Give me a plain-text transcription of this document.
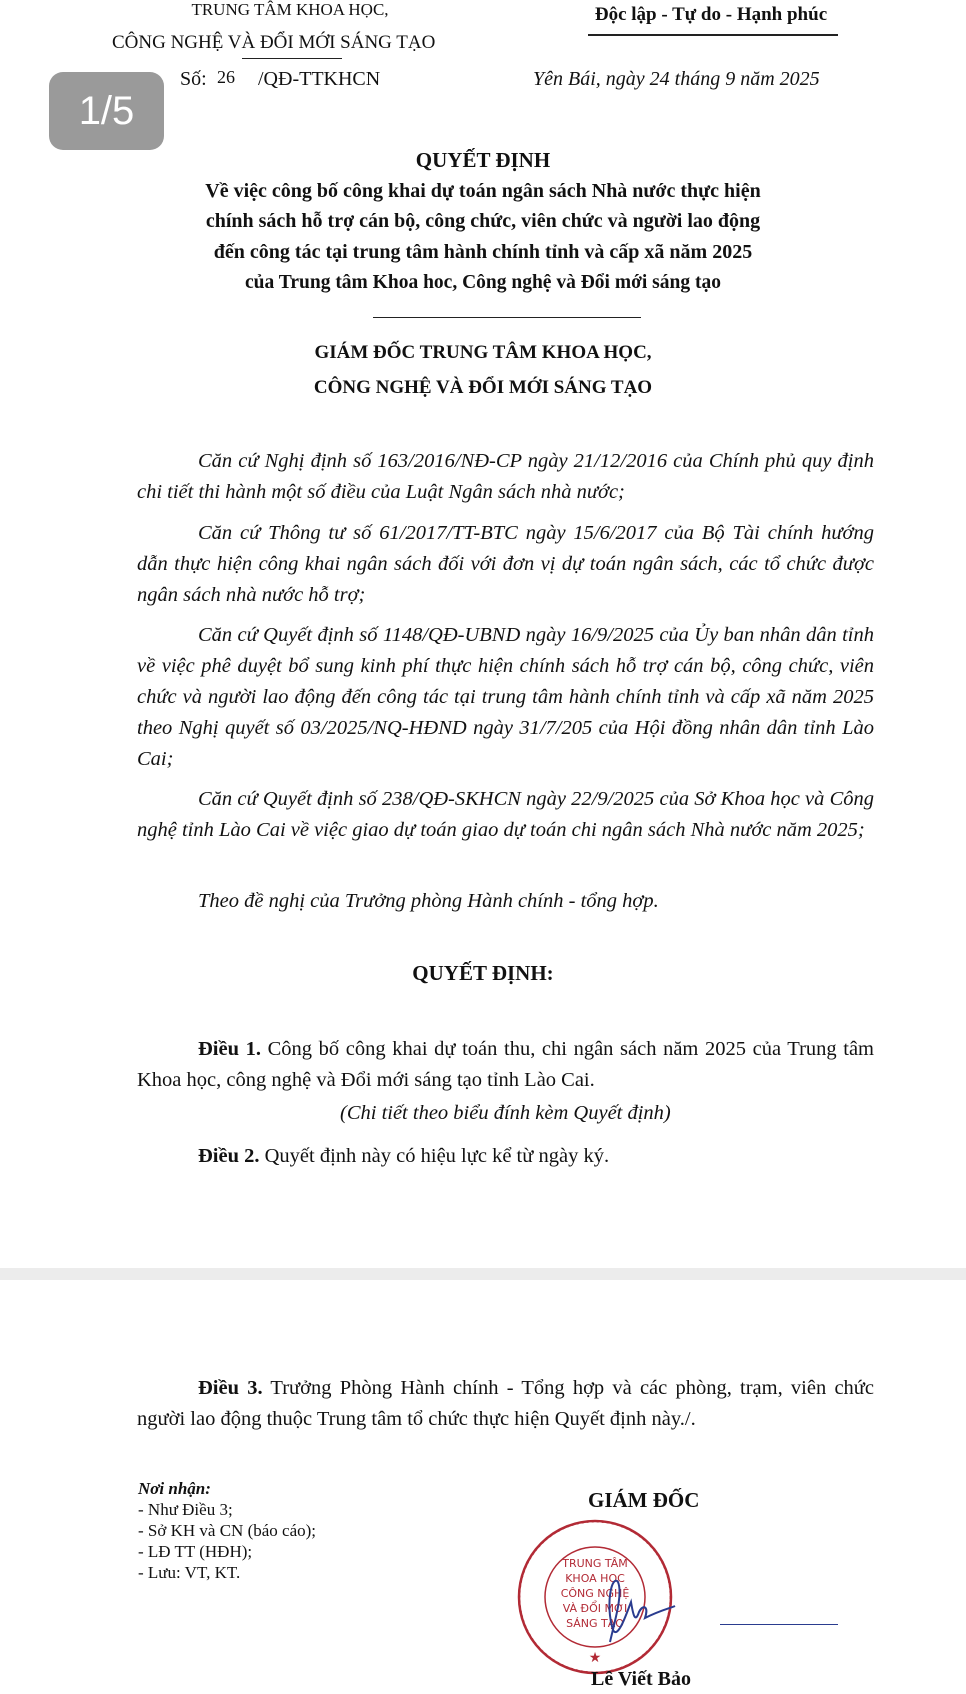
TRUNG TÂM KHOA HỌC,
CÔNG NGHỆ VÀ ĐỔI MỚI SÁNG TẠO
Độc lập - Tự do - Hạnh phúc
1/5
Số: 26 /QĐ-TTKHCN	Yên Bái, ngày 24 tháng 9 năm 2025
QUYẾT ĐỊNH
Về việc công bố công khai dự toán ngân sách Nhà nước thực hiện
chính sách hỗ trợ cán bộ, công chức, viên chức và người lao động
đến công tác tại trung tâm hành chính tỉnh và cấp xã năm 2025
của Trung tâm Khoa hoc, Công nghệ và Đổi mới sáng tạo
GIÁM ĐỐC TRUNG TÂM KHOA HỌC,
CÔNG NGHỆ VÀ ĐỔI MỚI SÁNG TẠO
Căn cứ Nghị định số 163/2016/NĐ-CP ngày 21/12/2016 của Chính phủ quy định chi tiết thi hành một số điều của Luật Ngân sách nhà nước;
Căn cứ Thông tư số 61/2017/TT-BTC ngày 15/6/2017 của Bộ Tài chính hướng dẫn thực hiện công khai ngân sách đối với đơn vị dự toán ngân sách, các tổ chức được ngân sách nhà nước hỗ trợ;
Căn cứ Quyết định số 1148/QĐ-UBND ngày 16/9/2025 của Ủy ban nhân dân tỉnh về việc phê duyệt bổ sung kinh phí thực hiện chính sách hỗ trợ cán bộ, công chức, viên chức và người lao động đến công tác tại trung tâm hành chính tỉnh và cấp xã năm 2025 theo Nghị quyết số 03/2025/NQ-HĐND ngày 31/7/205 của Hội đồng nhân dân tỉnh Lào Cai;
Căn cứ Quyết định số 238/QĐ-SKHCN ngày 22/9/2025 của Sở Khoa học và Công nghệ tỉnh Lào Cai về việc giao dự toán giao dự toán chi ngân sách Nhà nước năm 2025;
Theo đề nghị của Trưởng phòng Hành chính - tổng hợp.
QUYẾT ĐỊNH:
Điều 1. Công bố công khai dự toán thu, chi ngân sách năm 2025 của Trung tâm Khoa học, công nghệ và Đổi mới sáng tạo tỉnh Lào Cai.
(Chi tiết theo biểu đính kèm Quyết định)
Điều 2. Quyết định này có hiệu lực kể từ ngày ký.
Điều 3. Trưởng Phòng Hành chính - Tổng hợp và các phòng, trạm, viên chức người lao động thuộc Trung tâm tổ chức thực hiện Quyết định này./.
Nơi nhận:
- Như Điều 3;
- Sở KH và CN (báo cáo);
- LĐ TT (HĐH);
- Lưu: VT, KT.
GIÁM ĐỐC
TRUNG TÂM
KHOA HỌC
CÔNG NGHỆ
VÀ ĐỔI MỚI
SÁNG TẠO
★
Lê Viết Bảo
